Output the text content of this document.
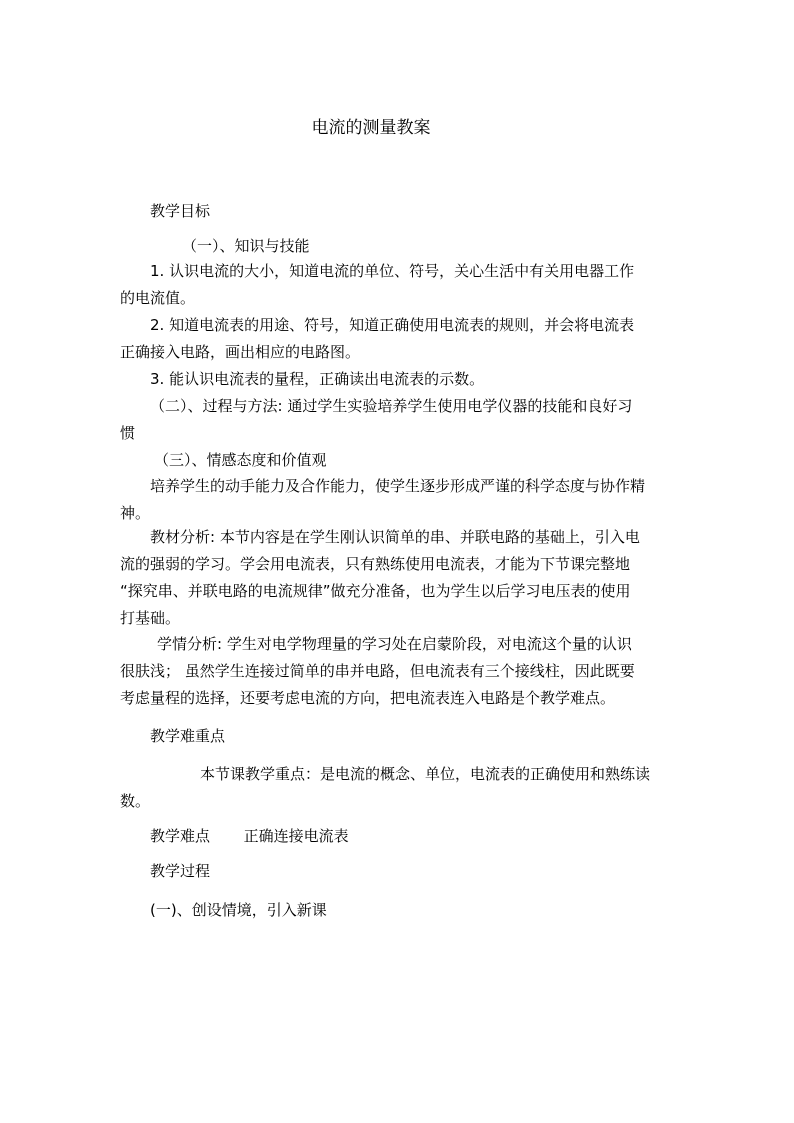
电流的测量教案
教学目标
（一）、知识与技能
1. 认识电流的大小，知道电流的单位、符号，关心生活中有关用电器工作
的电流值。
2. 知道电流表的用途、符号，知道正确使用电流表的规则，并会将电流表
正确接入电路，画出相应的电路图。
3. 能认识电流表的量程，正确读出电流表的示数。
（二）、过程与方法: 通过学生实验培养学生使用电学仪器的技能和良好习
惯
（三）、情感态度和价值观
培养学生的动手能力及合作能力，使学生逐步形成严谨的科学态度与协作精
神。
教材分析: 本节内容是在学生刚认识简单的串、并联电路的基础上，引入电
流的强弱的学习。学会用电流表，只有熟练使用电流表，才能为下节课完整地
“探究串、并联电路的电流规律”做充分准备，也为学生以后学习电压表的使用
打基础。
学情分析: 学生对电学物理量的学习处在启蒙阶段，对电流这个量的认识
很肤浅； 虽然学生连接过简单的串并电路，但电流表有三个接线柱，因此既要
考虑量程的选择，还要考虑电流的方向，把电流表连入电路是个教学难点。
教学难重点
本节课教学重点：是电流的概念、单位，电流表的正确使用和熟练读
数。
教学难点 正确连接电流表
教学过程
(一)、创设情境，引入新课
